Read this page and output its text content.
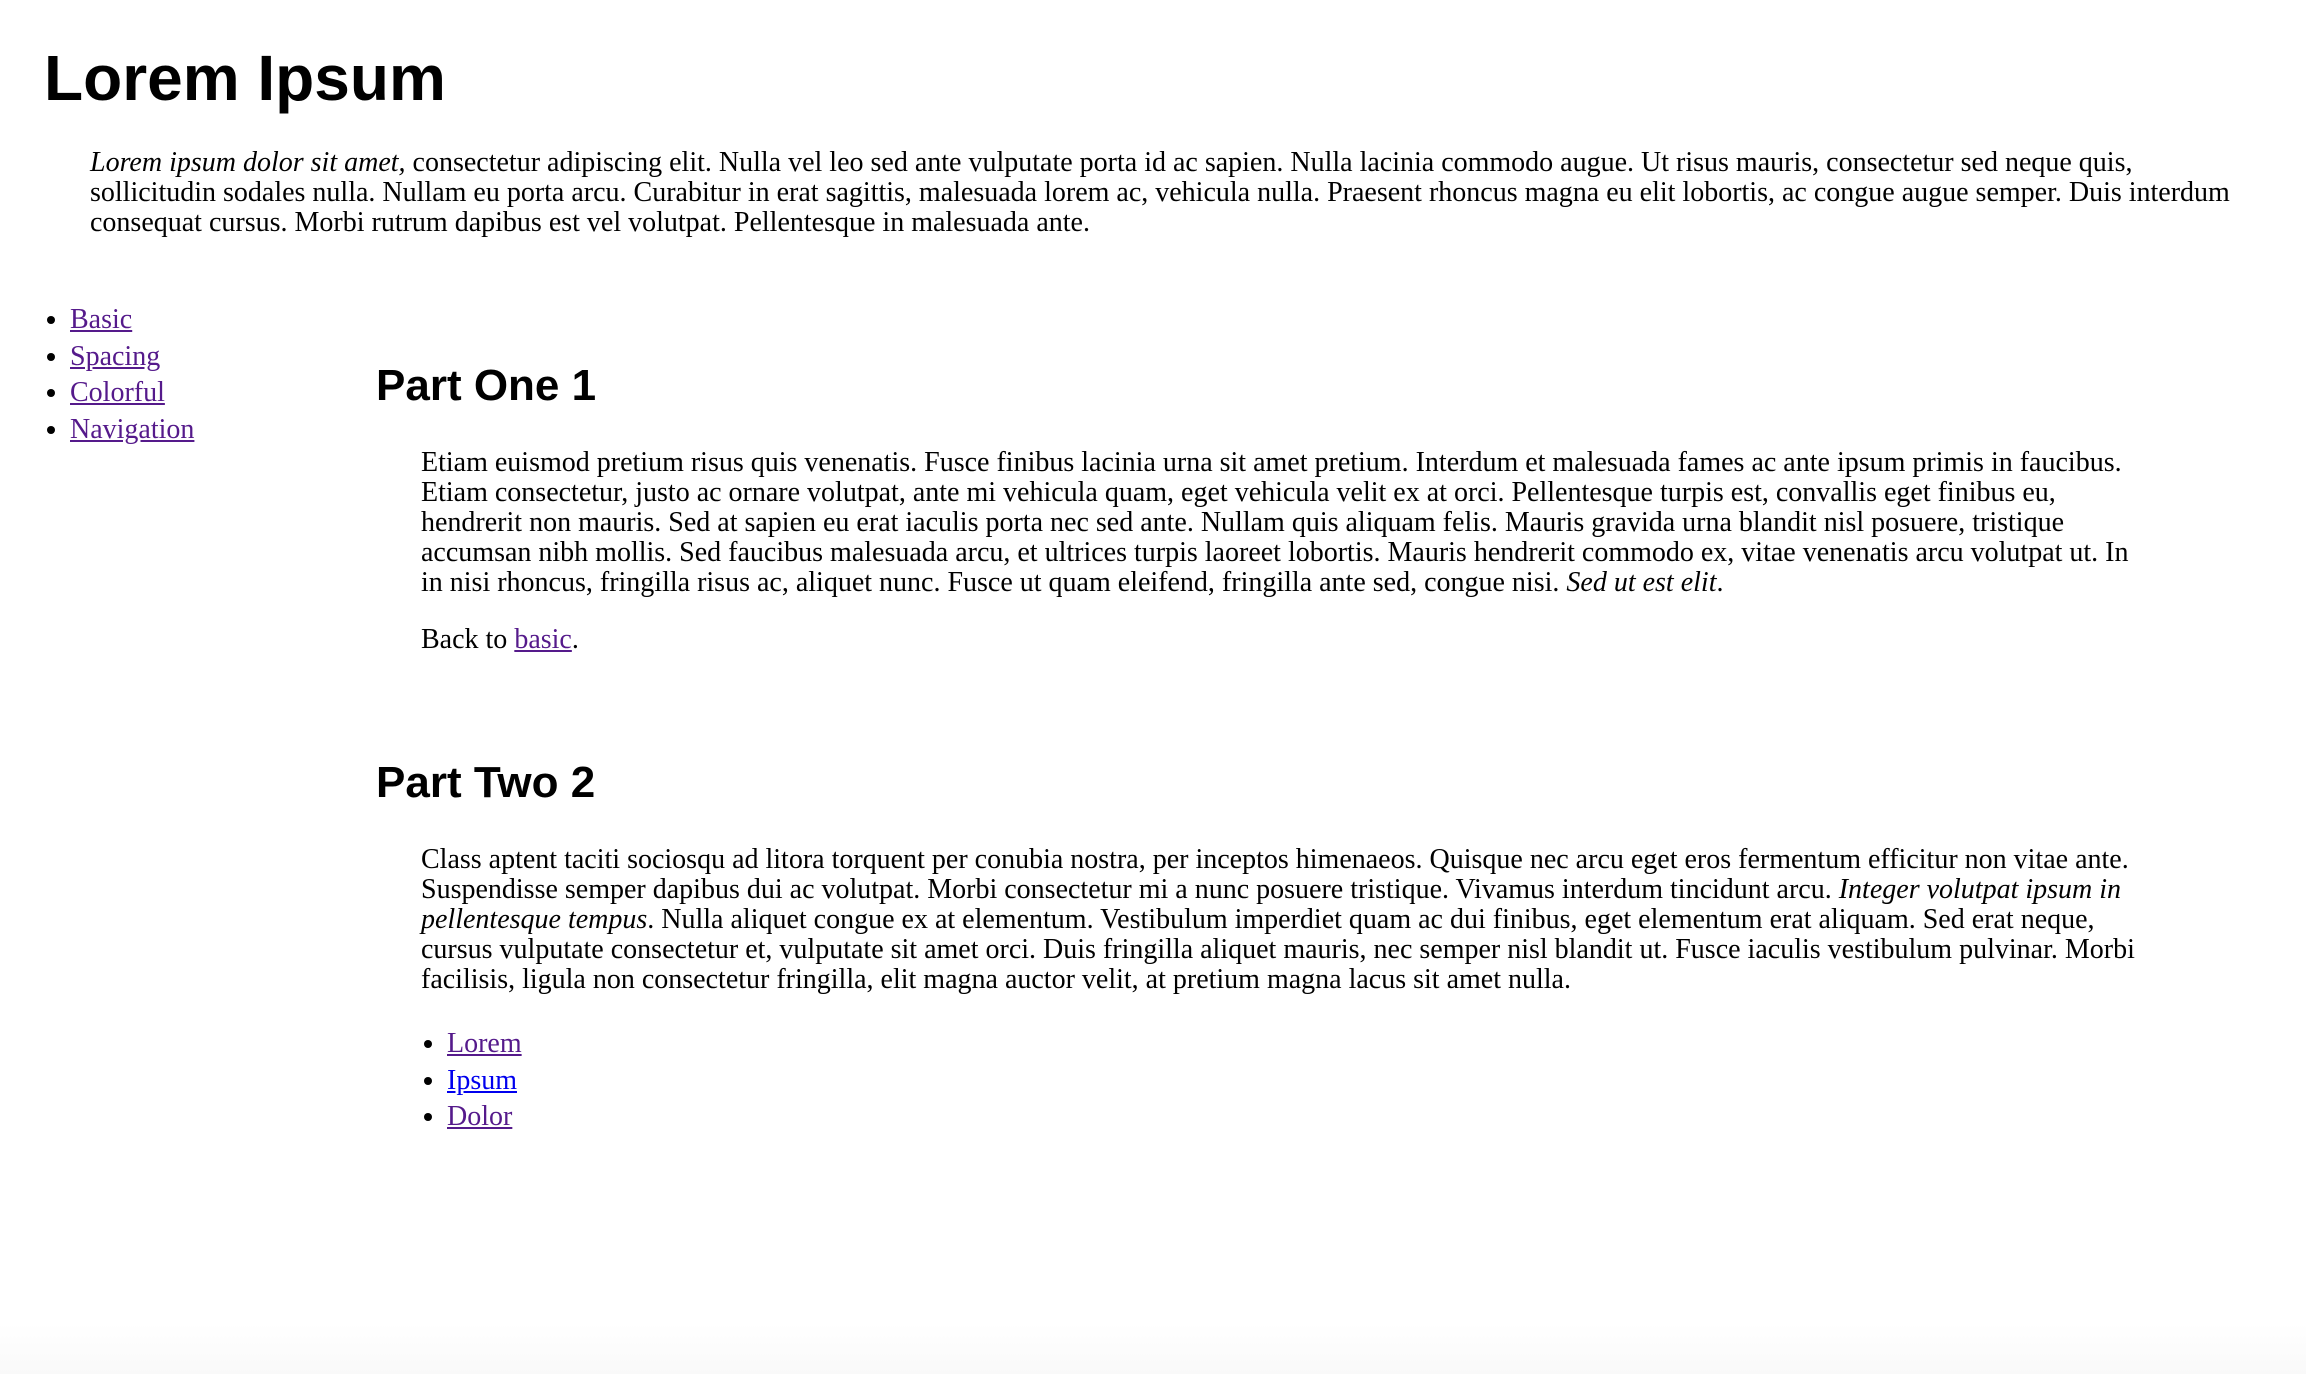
Lorem Ipsum

Lorem ipsum dolor sit amet, consectetur adipiscing elit. Nulla vel leo sed ante vulputate porta id ac sapien. Nulla lacinia commodo augue. Ut risus mauris, consectetur sed neque quis, sollicitudin sodales nulla. Nullam eu porta arcu. Curabitur in erat sagittis, malesuada lorem ac, vehicula nulla. Praesent rhoncus magna eu elit lobortis, ac congue augue semper. Duis interdum consequat cursus. Morbi rutrum dapibus est vel volutpat. Pellentesque in malesuada ante.

• Basic
• Spacing
• Colorful
• Navigation
Part One 1

Etiam euismod pretium risus quis venenatis. Fusce finibus lacinia urna sit amet pretium. Interdum et malesuada fames ac ante ipsum primis in faucibus. Etiam consectetur, justo ac ornare volutpat, ante mi vehicula quam, eget vehicula velit ex at orci. Pellentesque turpis est, convallis eget finibus eu, hendrerit non mauris. Sed at sapien eu erat iaculis porta nec sed ante. Nullam quis aliquam felis. Mauris gravida urna blandit nisl posuere, tristique accumsan nibh mollis. Sed faucibus malesuada arcu, et ultrices turpis laoreet lobortis. Mauris hendrerit commodo ex, vitae venenatis arcu volutpat ut. In in nisi rhoncus, fringilla risus ac, aliquet nunc. Fusce ut quam eleifend, fringilla ante sed, congue nisi. Sed ut est elit.

Back to basic.

Part Two 2

Class aptent taciti sociosqu ad litora torquent per conubia nostra, per inceptos himenaeos. Quisque nec arcu eget eros fermentum efficitur non vitae ante. Suspendisse semper dapibus dui ac volutpat. Morbi consectetur mi a nunc posuere tristique. Vivamus interdum tincidunt arcu. Integer volutpat ipsum in pellentesque tempus. Nulla aliquet congue ex at elementum. Vestibulum imperdiet quam ac dui finibus, eget elementum erat aliquam. Sed erat neque, cursus vulputate consectetur et, vulputate sit amet orci. Duis fringilla aliquet mauris, nec semper nisl blandit ut. Fusce iaculis vestibulum pulvinar. Morbi facilisis, ligula non consectetur fringilla, elit magna auctor velit, at pretium magna lacus sit amet nulla.

• Lorem
• Ipsum
• Dolor
